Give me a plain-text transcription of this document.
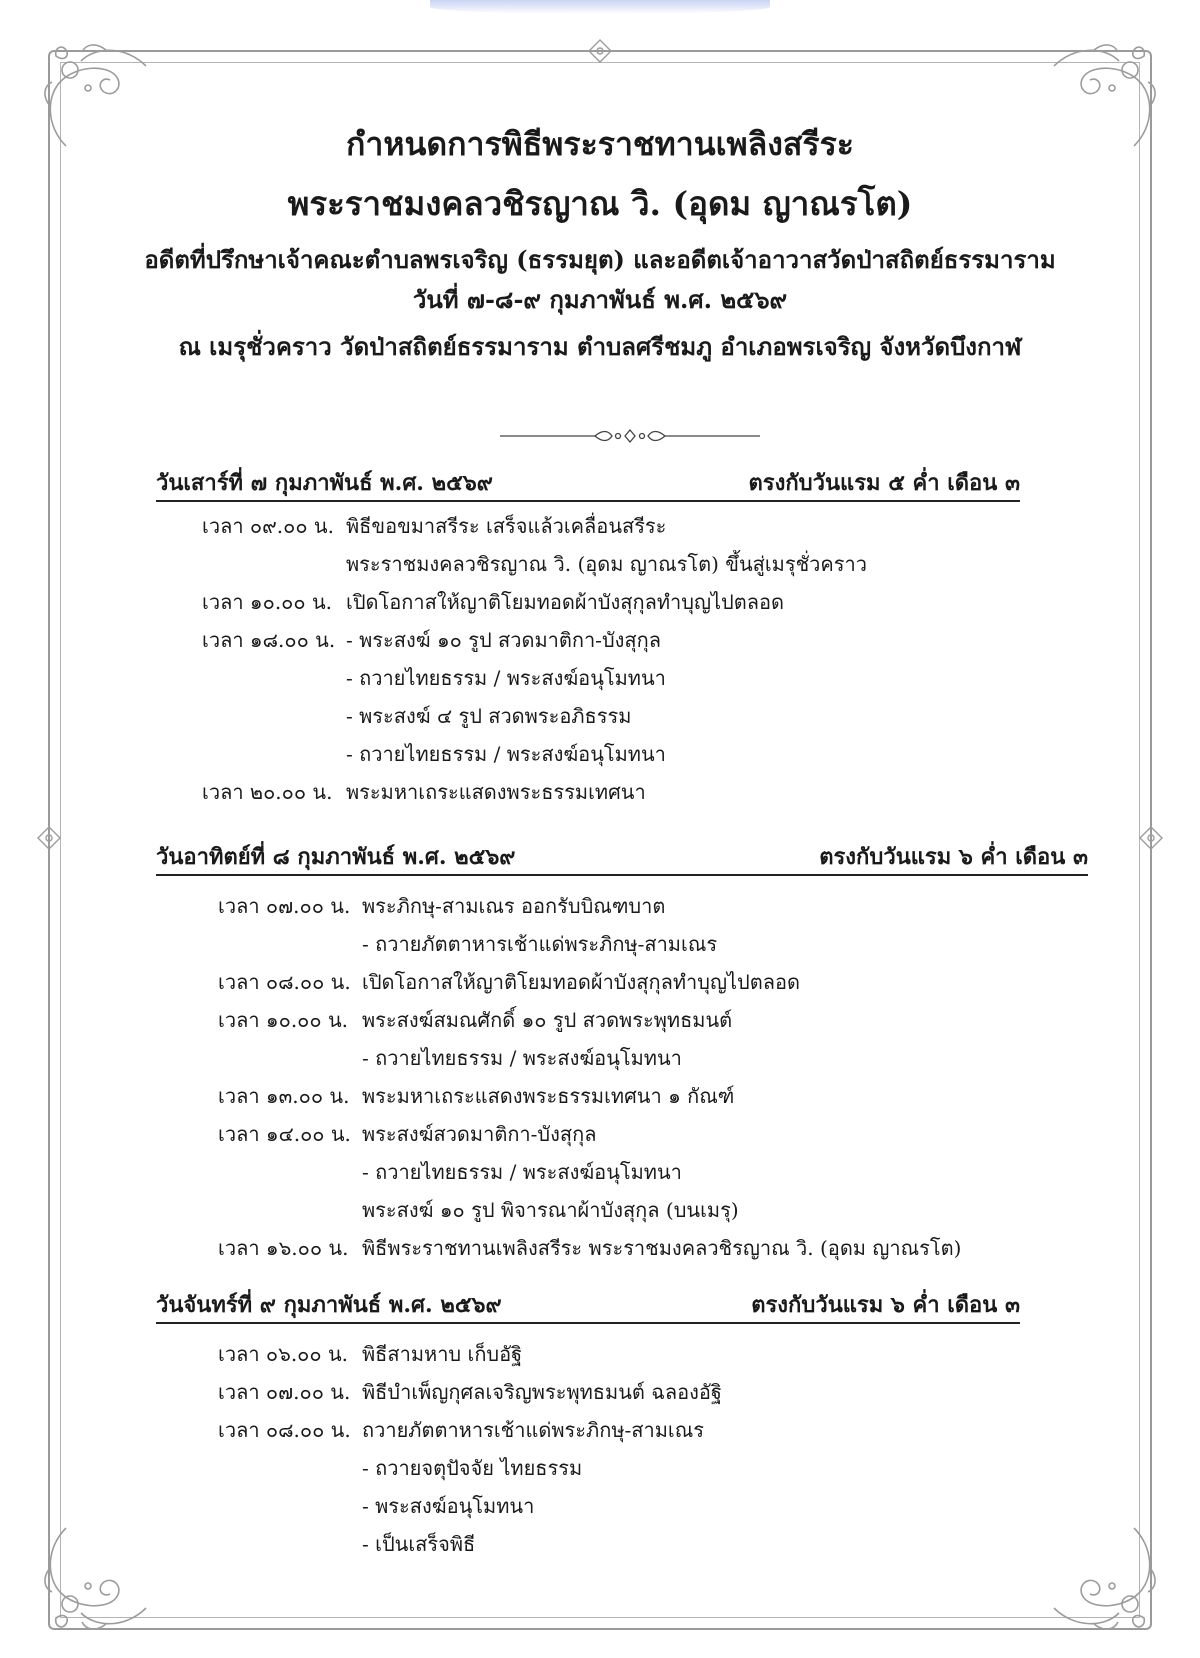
กำหนดการพิธีพระราชทานเพลิงสรีระ
พระราชมงคลวชิรญาณ วิ. (อุดม ญาณรโต)
อดีตที่ปรึกษาเจ้าคณะตำบลพรเจริญ (ธรรมยุต) และอดีตเจ้าอาวาสวัดป่าสถิตย์ธรรมาราม
วันที่ ๗-๘-๙ กุมภาพันธ์ พ.ศ. ๒๕๖๙
ณ เมรุชั่วคราว วัดป่าสถิตย์ธรรมาราม ตำบลศรีชมภู อำเภอพรเจริญ จังหวัดบึงกาฬ
วันเสาร์ที่ ๗ กุมภาพันธ์ พ.ศ. ๒๕๖๙	ตรงกับวันแรม ๕ ค่ำ เดือน ๓
เวลา ๐๙.๐๐ น. พิธีขอขมาสรีระ เสร็จแล้วเคลื่อนสรีระ
พระราชมงคลวชิรญาณ วิ. (อุดม ญาณรโต) ขึ้นสู่เมรุชั่วคราว
เวลา ๑๐.๐๐ น. เปิดโอกาสให้ญาติโยมทอดผ้าบังสุกุลทำบุญไปตลอด
เวลา ๑๘.๐๐ น. - พระสงฆ์ ๑๐ รูป สวดมาติกา-บังสุกุล
- ถวายไทยธรรม / พระสงฆ์อนุโมทนา
- พระสงฆ์ ๔ รูป สวดพระอภิธรรม
- ถวายไทยธรรม / พระสงฆ์อนุโมทนา
เวลา ๒๐.๐๐ น. พระมหาเถระแสดงพระธรรมเทศนา
วันอาทิตย์ที่ ๘ กุมภาพันธ์ พ.ศ. ๒๕๖๙	ตรงกับวันแรม ๖ ค่ำ เดือน ๓
เวลา ๐๗.๐๐ น. พระภิกษุ-สามเณร ออกรับบิณฑบาต
- ถวายภัตตาหารเช้าแด่พระภิกษุ-สามเณร
เวลา ๐๘.๐๐ น. เปิดโอกาสให้ญาติโยมทอดผ้าบังสุกุลทำบุญไปตลอด
เวลา ๑๐.๐๐ น. พระสงฆ์สมณศักดิ์ ๑๐ รูป สวดพระพุทธมนต์
- ถวายไทยธรรม / พระสงฆ์อนุโมทนา
เวลา ๑๓.๐๐ น. พระมหาเถระแสดงพระธรรมเทศนา ๑ กัณฑ์
เวลา ๑๔.๐๐ น. พระสงฆ์สวดมาติกา-บังสุกุล
- ถวายไทยธรรม / พระสงฆ์อนุโมทนา
พระสงฆ์ ๑๐ รูป พิจารณาผ้าบังสุกุล (บนเมรุ)
เวลา ๑๖.๐๐ น. พิธีพระราชทานเพลิงสรีระ พระราชมงคลวชิรญาณ วิ. (อุดม ญาณรโต)
วันจันทร์ที่ ๙ กุมภาพันธ์ พ.ศ. ๒๕๖๙	ตรงกับวันแรม ๖ ค่ำ เดือน ๓
เวลา ๐๖.๐๐ น. พิธีสามหาบ เก็บอัฐิ
เวลา ๐๗.๐๐ น. พิธีบำเพ็ญกุศลเจริญพระพุทธมนต์ ฉลองอัฐิ
เวลา ๐๘.๐๐ น. ถวายภัตตาหารเช้าแด่พระภิกษุ-สามเณร
- ถวายจตุปัจจัย ไทยธรรม
- พระสงฆ์อนุโมทนา
- เป็นเสร็จพิธี
